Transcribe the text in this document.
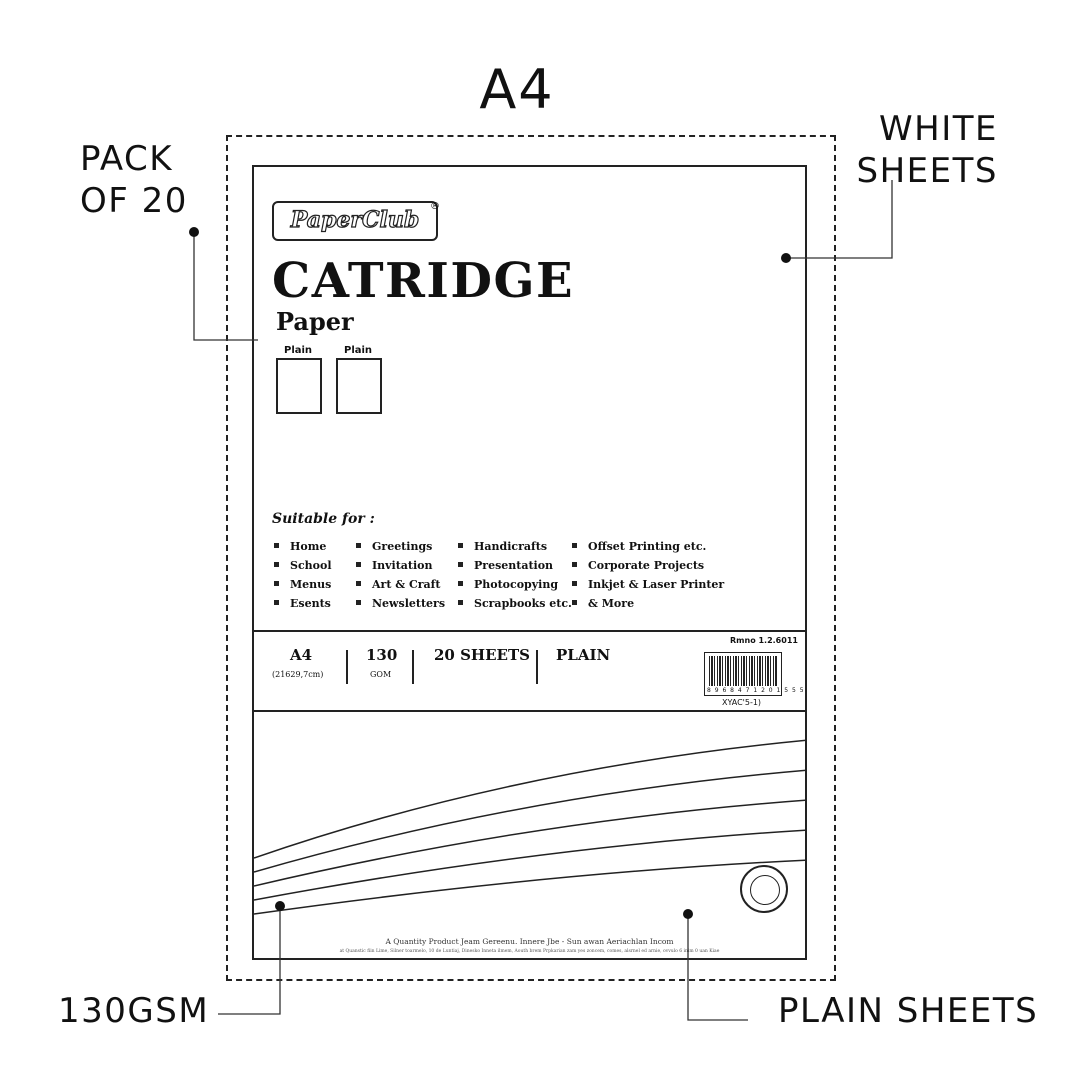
A4
PACK
OF 20
WHITE
SHEETS
130GSM	PLAIN SHEETS
PaperClub
®
CATRIDGE
Paper
Plain	Plain
Suitable for :
Home
School
Menus
Esents
Greetings
Invitation
Art & Craft
Newsletters
Handicrafts
Presentation
Photocopying
Scrapbooks etc.
Offset Printing etc.
Corporate Projects
Inkjet & Laser Printer
& More
A4
(21629,7cm)
130
GOM
20 SHEETS PLAIN
Rmno 1.2.6011
8 9 6 8 4 7 1 2 0 1 5 5 5
XYAC'5-1)
A Quantity Product Jeam Gereenu. Innere Jbe - Sun awan Aeriachlan Incom
at Quanstic fiin Lime, Silner toarmelo, 10 de Luntiaj, Dinesko Inneta ilmem, Aouth brem Prpkarian zam yes zoncem, comes, alsrnel ed arnie, ovvulo 6 inim 0 uan Kiae
